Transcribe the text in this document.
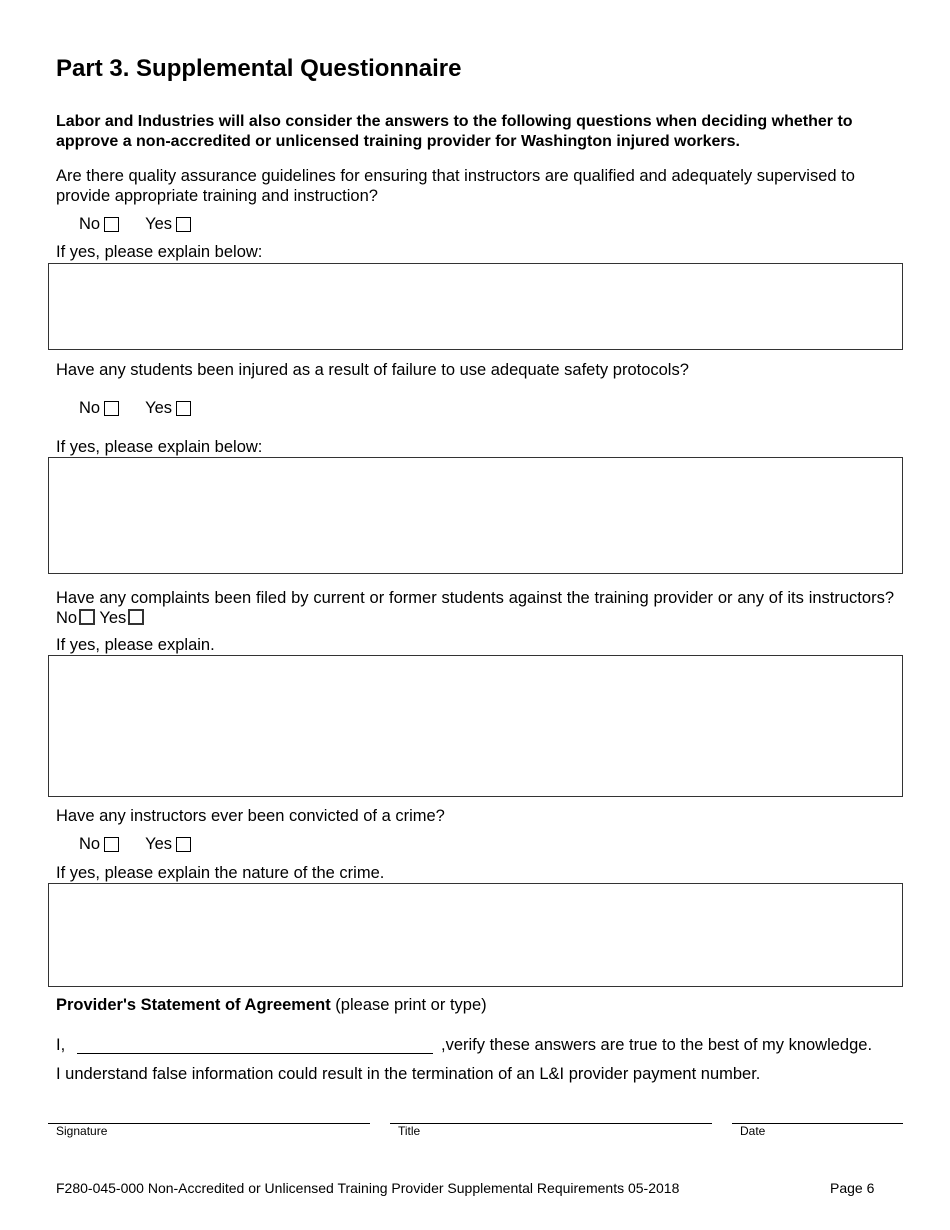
Part 3. Supplemental Questionnaire
Labor and Industries will also consider the answers to the following questions when deciding whether to approve a non-accredited or unlicensed training provider for Washington injured workers.
Are there quality assurance guidelines for ensuring that instructors are qualified and adequately supervised to provide appropriate training and instruction?
No	Yes
If yes, please explain below:
Have any students been injured as a result of failure to use adequate safety protocols?
No	Yes
If yes, please explain below:
Have any complaints been filed by current or former students against the training provider or any of its instructors? No Yes
If yes, please explain.
Have any instructors ever been convicted of a crime?
No	Yes
If yes, please explain the nature of the crime.
Provider's Statement of Agreement (please print or type)
I,	,verify these answers are true to the best of my knowledge.
I understand false information could result in the termination of an L&I provider payment number.
Signature	Title	Date
F280-045-000 Non-Accredited or Unlicensed Training Provider Supplemental Requirements 05-2018	Page 6
